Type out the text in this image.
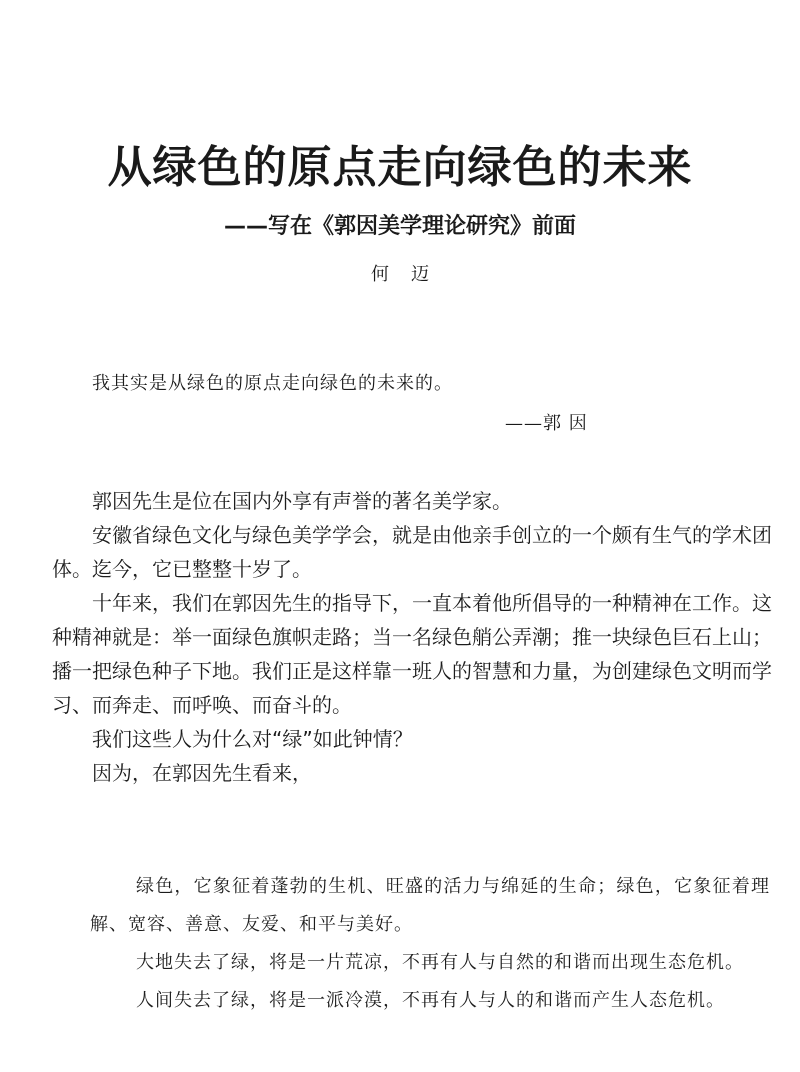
从绿色的原点走向绿色的未来
——写在《郭因美学理论研究》前面
何迈
我其实是从绿色的原点走向绿色的未来的。
——郭 因

郭因先生是位在国内外享有声誉的著名美学家。

安徽省绿色文化与绿色美学学会，就是由他亲手创立的一个颇有生气的学术团体。迄今，它已整整十岁了。

十年来，我们在郭因先生的指导下，一直本着他所倡导的一种精神在工作。这种精神就是：举一面绿色旗帜走路；当一名绿色艄公弄潮；推一块绿色巨石上山；播一把绿色种子下地。我们正是这样靠一班人的智慧和力量，为创建绿色文明而学习、而奔走、而呼唤、而奋斗的。

我们这些人为什么对“绿”如此钟情？

因为，在郭因先生看来，

绿色，它象征着蓬勃的生机、旺盛的活力与绵延的生命；绿色，它象征着理解、宽容、善意、友爱、和平与美好。

大地失去了绿，将是一片荒凉，不再有人与自然的和谐而出现生态危机。

人间失去了绿，将是一派冷漠，不再有人与人的和谐而产生人态危机。
